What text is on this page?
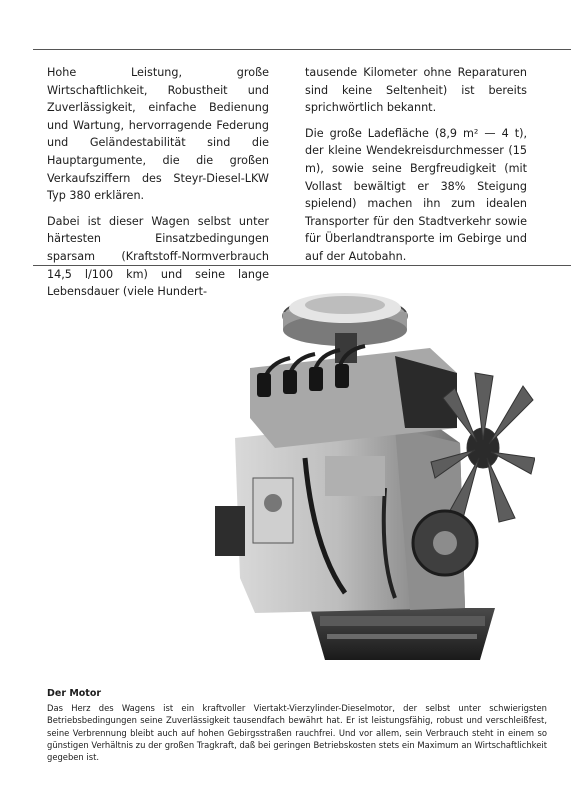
Hohe Leistung, große Wirtschaftlichkeit, Robustheit und Zuverlässigkeit, einfache Bedienung und Wartung, hervorragende Federung und Geländestabilität sind die Hauptargumente, die die großen Verkaufsziffern des Steyr-Diesel-LKW Typ 380 erklären.

Dabei ist dieser Wagen selbst unter härtesten Einsatzbedingungen sparsam (Kraftstoff-Normverbrauch 14,5 l/100 km) und seine lange Lebensdauer (viele Hundert-

tausende Kilometer ohne Reparaturen sind keine Seltenheit) ist bereits sprichwörtlich bekannt.

Die große Ladefläche (8,9 m² — 4 t), der kleine Wendekreisdurchmesser (15 m), sowie seine Bergfreudigkeit (mit Vollast bewältigt er 38% Steigung spielend) machen ihn zum idealen Transporter für den Stadtverkehr sowie für Überlandtransporte im Gebirge und auf der Autobahn.

Der Motor

Das Herz des Wagens ist ein kraftvoller Viertakt-Vierzylinder-Dieselmotor, der selbst unter schwierigsten Betriebsbedingungen seine Zuverlässigkeit tausendfach bewährt hat. Er ist leistungsfähig, robust und verschleißfest, seine Verbrennung bleibt auch auf hohen Gebirgsstraßen rauchfrei. Und vor allem, sein Verbrauch steht in einem so günstigen Verhältnis zu der großen Tragkraft, daß bei geringen Betriebskosten stets ein Maximum an Wirtschaftlichkeit gegeben ist.
